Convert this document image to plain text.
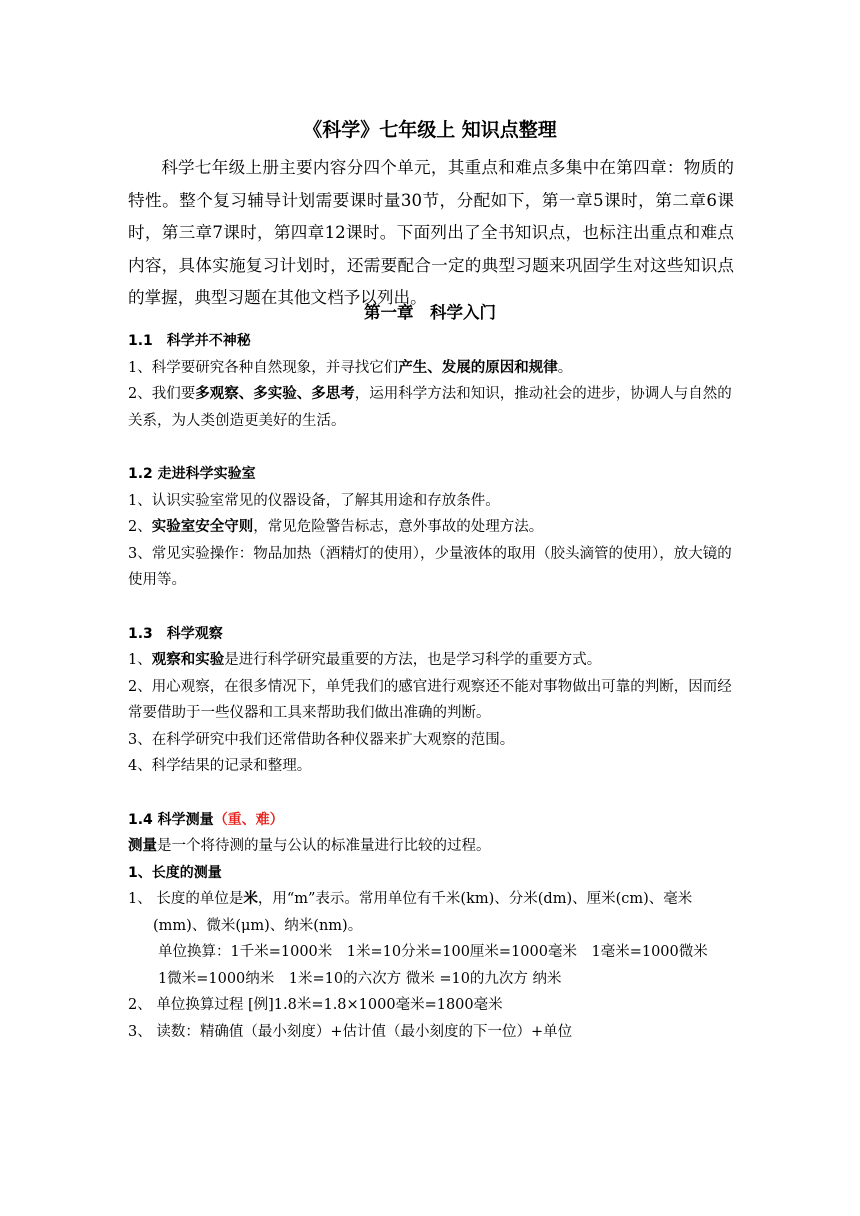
《科学》七年级上 知识点整理

科学七年级上册主要内容分四个单元，其重点和难点多集中在第四章：物质的特性。整个复习辅导计划需要课时量30节，分配如下，第一章5课时，第二章6课时，第三章7课时，第四章12课时。下面列出了全书知识点，也标注出重点和难点内容，具体实施复习计划时，还需要配合一定的典型习题来巩固学生对这些知识点的掌握，典型习题在其他文档予以列出。

第一章　科学入门
1.1　科学并不神秘
1、科学要研究各种自然现象，并寻找它们产生、发展的原因和规律。
2、我们要多观察、多实验、多思考，运用科学方法和知识，推动社会的进步，协调人与自然的关系，为人类创造更美好的生活。
1.2 走进科学实验室
1、认识实验室常见的仪器设备，了解其用途和存放条件。
2、实验室安全守则，常见危险警告标志，意外事故的处理方法。
3、常见实验操作：物品加热（酒精灯的使用），少量液体的取用（胶头滴管的使用），放大镜的使用等。
1.3　科学观察
1、观察和实验是进行科学研究最重要的方法，也是学习科学的重要方式。
2、用心观察，在很多情况下，单凭我们的感官进行观察还不能对事物做出可靠的判断，因而经常要借助于一些仪器和工具来帮助我们做出准确的判断。
3、在科学研究中我们还常借助各种仪器来扩大观察的范围。
4、科学结果的记录和整理。
1.4 科学测量（重、难）
测量是一个将待测的量与公认的标准量进行比较的过程。
1、长度的测量
1、 长度的单位是米，用“m”表示。常用单位有千米(km)、分米(dm)、厘米(cm)、毫米(mm)、微米(μm)、纳米(nm)。
单位换算：1千米=1000米　1米=10分米=100厘米=1000毫米　1毫米=1000微米
1微米=1000纳米　1米=10的六次方 微米 =10的九次方 纳米
2、 单位换算过程 [例]1.8米=1.8×1000毫米=1800毫米
3、 读数：精确值（最小刻度）+估计值（最小刻度的下一位）+单位
